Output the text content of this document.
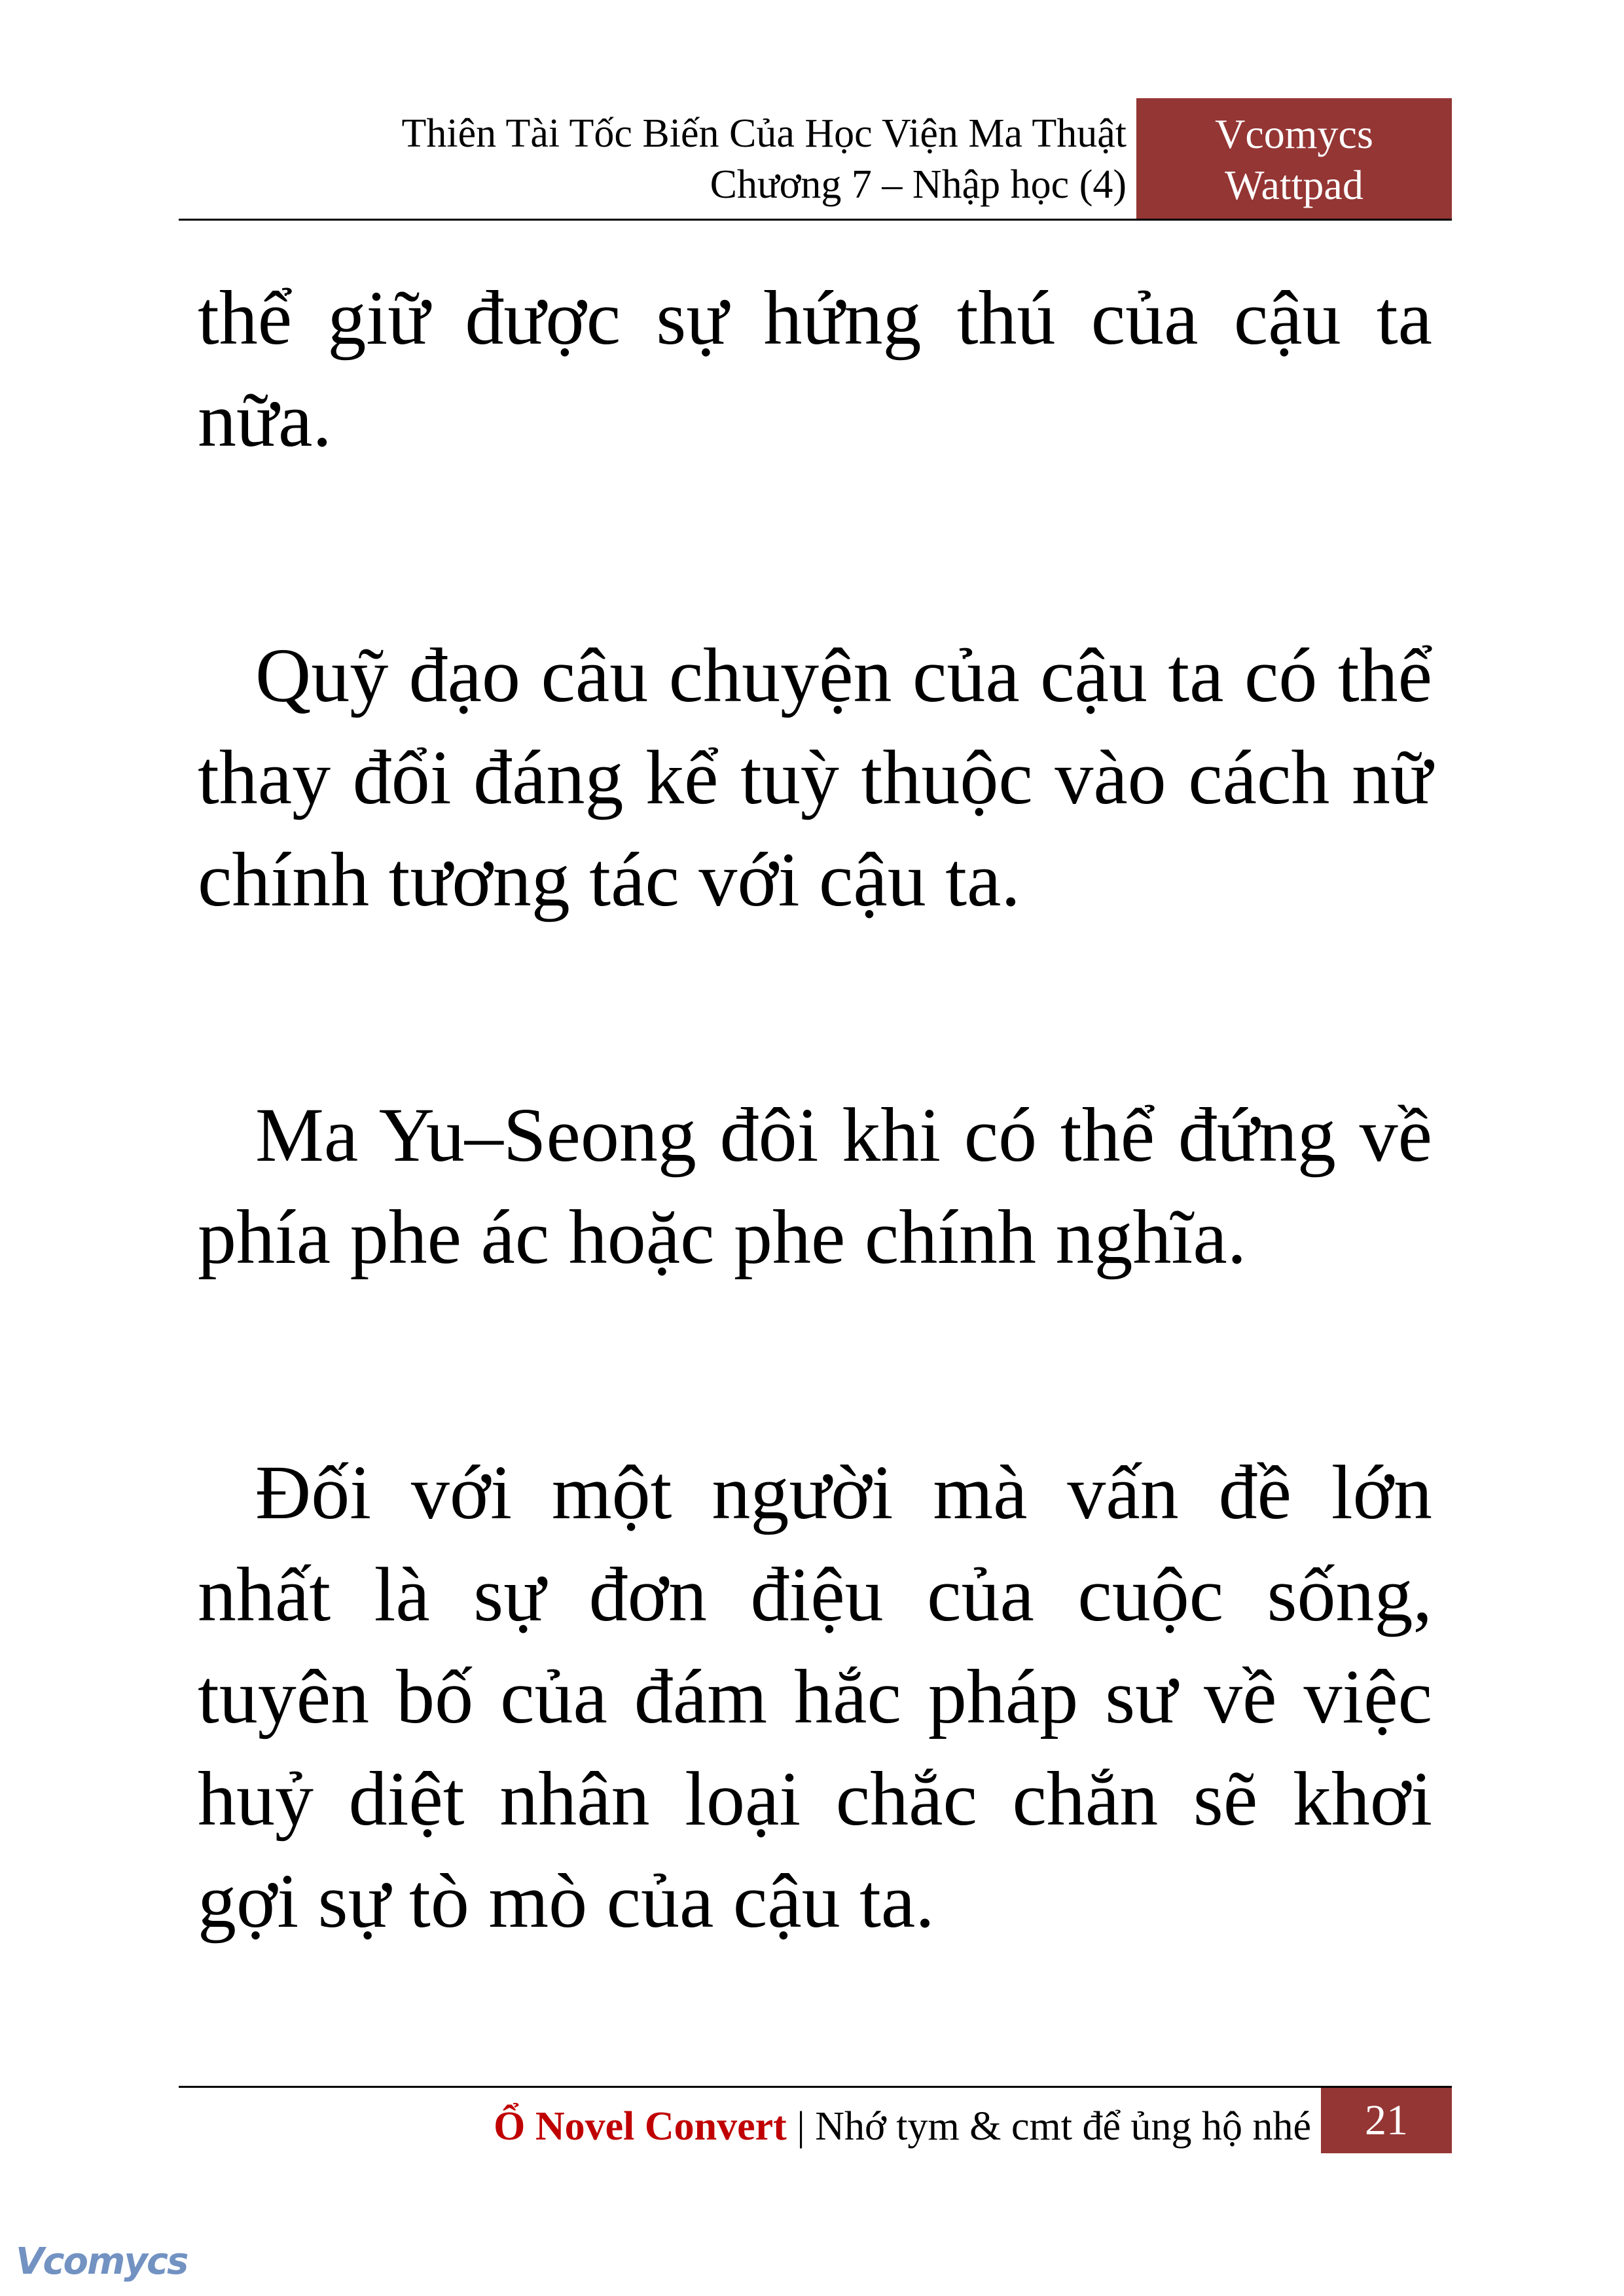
Thiên Tài Tốc Biến Của Học Viện Ma Thuật
Chương 7 – Nhập học (4)
Vcomycs
Wattpad

thể giữ được sự hứng thú của cậu ta nữa.

Quỹ đạo câu chuyện của cậu ta có thể thay đổi đáng kể tuỳ thuộc vào cách nữ chính tương tác với cậu ta.

Ma Yu–Seong đôi khi có thể đứng về phía phe ác hoặc phe chính nghĩa.

Đối với một người mà vấn đề lớn nhất là sự đơn điệu của cuộc sống, tuyên bố của đám hắc pháp sư về việc huỷ diệt nhân loại chắc chắn sẽ khơi gợi sự tò mò của cậu ta.

Ổ Novel Convert | Nhớ tym & cmt để ủng hộ nhé	21
Vcomycs
